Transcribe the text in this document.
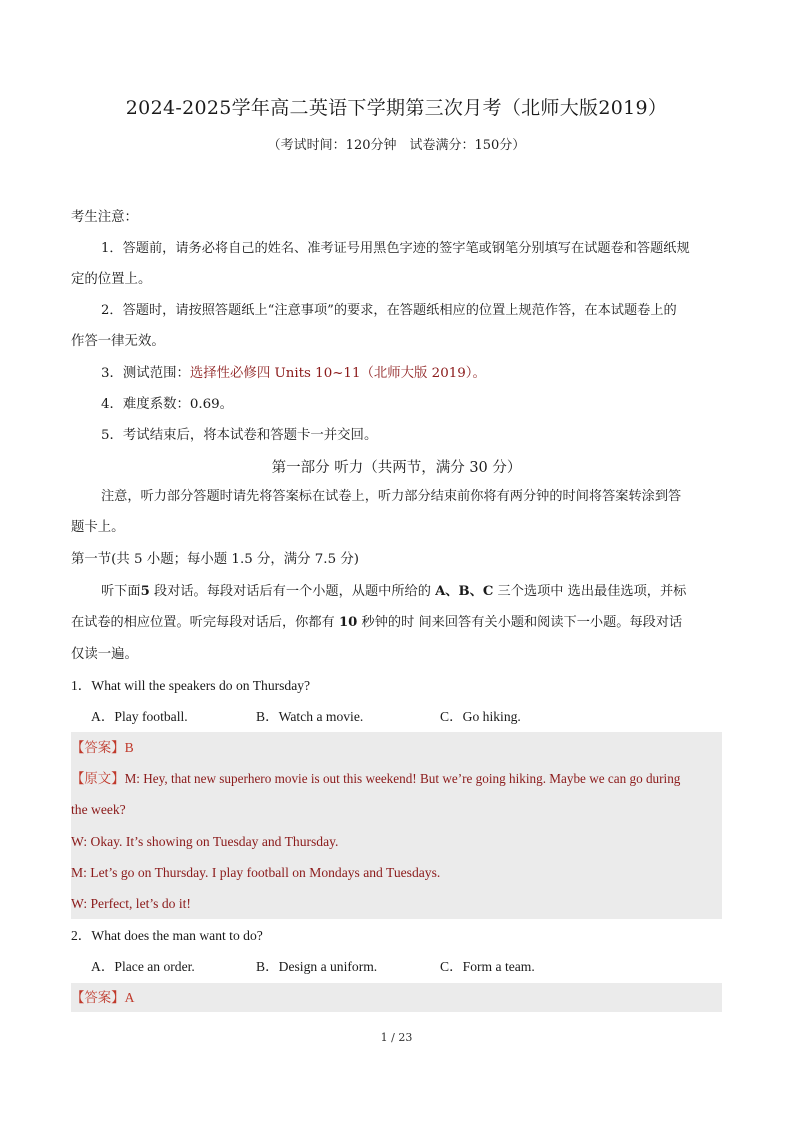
2024-2025学年高二英语下学期第三次月考（北师大版2019）
（考试时间：120分钟　试卷满分：150分）
考生注意：
1．答题前，请务必将自己的姓名、准考证号用黑色字迹的签字笔或钢笔分别填写在试题卷和答题纸规
定的位置上。
2．答题时，请按照答题纸上“注意事项”的要求，在答题纸相应的位置上规范作答，在本试题卷上的
作答一律无效。
3．测试范围：选择性必修四 Units 10~11（北师大版 2019）。
4．难度系数：0.69。
5．考试结束后，将本试卷和答题卡一并交回。
第一部分 听力（共两节，满分 30 分）
注意，听力部分答题时请先将答案标在试卷上，听力部分结束前你将有两分钟的时间将答案转涂到答
题卡上。
第一节(共 5 小题；每小题 1.5 分，满分 7.5 分)
听下面5 段对话。每段对话后有一个小题，从题中所给的 A、B、C 三个选项中 选出最佳选项，并标
在试卷的相应位置。听完每段对话后，你都有 10 秒钟的时 间来回答有关小题和阅读下一小题。每段对话
仅读一遍。
1．What will the speakers do on Thursday?
A．Play football.	B．Watch a movie.	C．Go hiking.
【答案】B
【原文】M: Hey, that new superhero movie is out this weekend! But we’re going hiking. Maybe we can go during
the week?
W: Okay. It’s showing on Tuesday and Thursday.
M: Let’s go on Thursday. I play football on Mondays and Tuesdays.
W: Perfect, let’s do it!
2．What does the man want to do?
A．Place an order.	B．Design a uniform.	C．Form a team.
【答案】A
1 / 23
